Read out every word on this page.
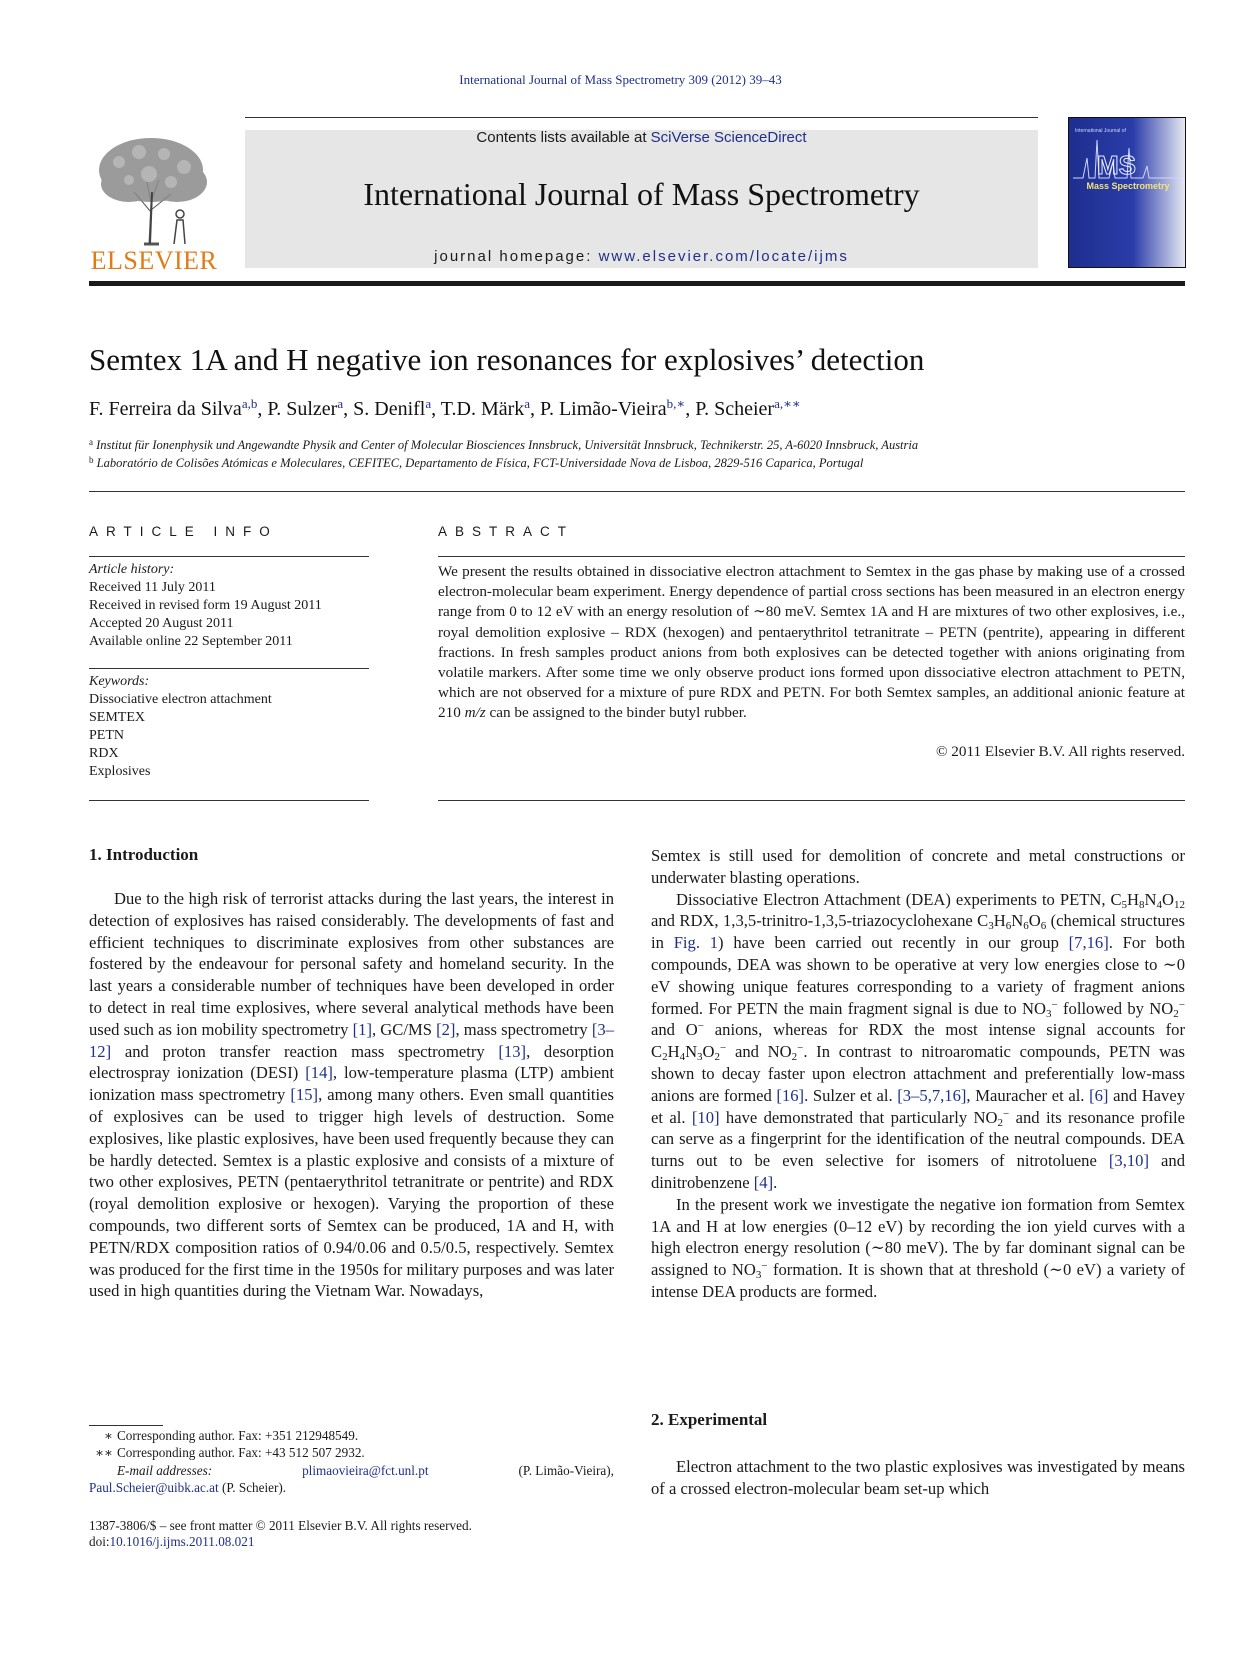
International Journal of Mass Spectrometry 309 (2012) 39–43
ELSEVIER
Contents lists available at SciVerse ScienceDirect
International Journal of Mass Spectrometry
journal homepage: www.elsevier.com/locate/ijms
International Journal of
MS
Mass Spectrometry
Semtex 1A and H negative ion resonances for explosives’ detection
F. Ferreira da Silva$^{a,b}$, P. Sulzer$^a$, S. Denifl$^a$, T.D. Märk$^a$, P. Limão-Vieira$^{b,∗}$, P. Scheier$^{a,∗∗}$
$^a$ Institut für Ionenphysik und Angewandte Physik and Center of Molecular Biosciences Innsbruck, Universität Innsbruck, Technikerstr. 25, A-6020 Innsbruck, Austria
$^b$ Laboratório de Colisões Atómicas e Moleculares, CEFITEC, Departamento de Física, FCT-Universidade Nova de Lisboa, 2829-516 Caparica, Portugal
ARTICLE INFO
Article history:
Received 11 July 2011
Received in revised form 19 August 2011
Accepted 20 August 2011
Available online 22 September 2011
Keywords:
Dissociative electron attachment
SEMTEX
PETN
RDX
Explosives
ABSTRACT
We present the results obtained in dissociative electron attachment to Semtex in the gas phase by making use of a crossed electron-molecular beam experiment. Energy dependence of partial cross sections has been measured in an electron energy range from 0 to 12 eV with an energy resolution of ∼80 meV. Semtex 1A and H are mixtures of two other explosives, i.e., royal demolition explosive – RDX (hexogen) and pentaerythritol tetranitrate – PETN (pentrite), appearing in different fractions. In fresh samples product anions from both explosives can be detected together with anions originating from volatile markers. After some time we only observe product ions formed upon dissociative electron attachment to PETN, which are not observed for a mixture of pure RDX and PETN. For both Semtex samples, an additional anionic feature at 210 m/z can be assigned to the binder butyl rubber.
© 2011 Elsevier B.V. All rights reserved.
1. Introduction

Due to the high risk of terrorist attacks during the last years, the interest in detection of explosives has raised considerably. The developments of fast and efficient techniques to discriminate explosives from other substances are fostered by the endeavour for personal safety and homeland security. In the last years a considerable number of techniques have been developed in order to detect in real time explosives, where several analytical methods have been used such as ion mobility spectrometry [1], GC/MS [2], mass spectrometry [3–12] and proton transfer reaction mass spectrometry [13], desorption electrospray ionization (DESI) [14], low-temperature plasma (LTP) ambient ionization mass spectrometry [15], among many others. Even small quantities of explosives can be used to trigger high levels of destruction. Some explosives, like plastic explosives, have been used frequently because they can be hardly detected. Semtex is a plastic explosive and consists of a mixture of two other explosives, PETN (pentaerythritol tetranitrate or pentrite) and RDX (royal demolition explosive or hexogen). Varying the proportion of these compounds, two different sorts of Semtex can be produced, 1A and H, with PETN/RDX composition ratios of 0.94/0.06 and 0.5/0.5, respectively. Semtex was produced for the first time in the 1950s for military purposes and was later used in high quantities during the Vietnam War. Nowadays,

Semtex is still used for demolition of concrete and metal constructions or underwater blasting operations.

Dissociative Electron Attachment (DEA) experiments to PETN, $C_5H_8N_4O_{12}$ and RDX, 1,3,5-trinitro-1,3,5-triazocyclohexane $C_3H_6N_6O_6$ (chemical structures in Fig. 1) have been carried out recently in our group [7,16]. For both compounds, DEA was shown to be operative at very low energies close to ∼0 eV showing unique features corresponding to a variety of fragment anions formed. For PETN the main fragment signal is due to $NO_3^-$ followed by $NO_2^-$ and O− anions, whereas for RDX the most intense signal accounts for $C_2H_4N_3O_2^-$ and $NO_2^-$. In contrast to nitroaromatic compounds, PETN was shown to decay faster upon electron attachment and preferentially low-mass anions are formed [16]. Sulzer et al. [3–5,7,16], Mauracher et al. [6] and Havey et al. [10] have demonstrated that particularly $NO_2^-$ and its resonance profile can serve as a fingerprint for the identification of the neutral compounds. DEA turns out to be even selective for isomers of nitrotoluene [3,10] and dinitrobenzene [4].

In the present work we investigate the negative ion formation from Semtex 1A and H at low energies (0–12 eV) by recording the ion yield curves with a high electron energy resolution (∼80 meV). The by far dominant signal can be assigned to $NO_3^-$ formation. It is shown that at threshold (∼0 eV) a variety of intense DEA products are formed.

2. Experimental

Electron attachment to the two plastic explosives was investigated by means of a crossed electron-molecular beam set-up which

∗ Corresponding author. Fax: +351 212948549.
∗∗ Corresponding author. Fax: +43 512 507 2932.
E-mail addresses:	plimaovieira@fct.unl.pt	(P. Limão-Vieira),
Paul.Scheier@uibk.ac.at (P. Scheier).
1387-3806/$ – see front matter © 2011 Elsevier B.V. All rights reserved.
doi:10.1016/j.ijms.2011.08.021
